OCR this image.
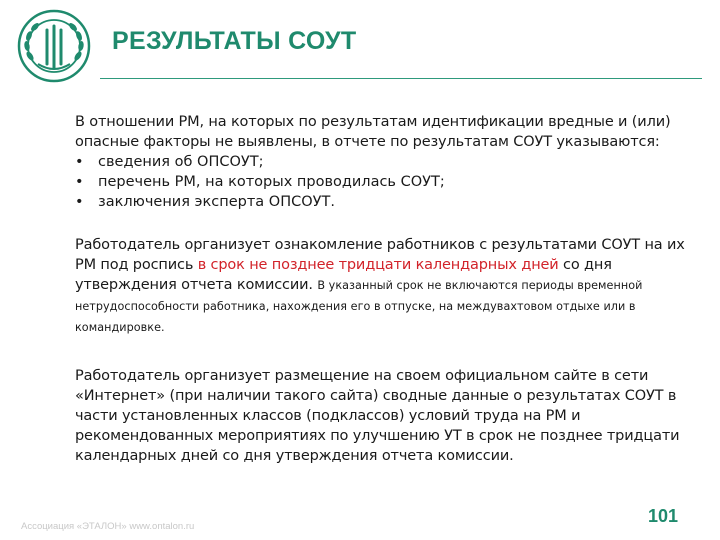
РЕЗУЛЬТАТЫ СОУТ

В отношении РМ, на которых по результатам идентификации вредные и (или) опасные факторы не выявлены, в отчете по результатам СОУТ указываются:

• сведения об ОПСОУТ;
• перечень РМ, на которых проводилась СОУТ;
• заключения эксперта ОПСОУТ.

Работодатель организует ознакомление работников с результатами СОУТ на их РМ под роспись в срок не позднее тридцати календарных дней со дня утверждения отчета комиссии. В указанный срок не включаются периоды временной нетрудоспособности работника, нахождения его в отпуске, на междувахтовом отдыхе или в командировке.

Работодатель организует размещение на своем официальном сайте в сети «Интернет» (при наличии такого сайта) сводные данные о результатах СОУТ в части установленных классов (подклассов) условий труда на РМ и рекомендованных мероприятиях по улучшению УТ в срок не позднее тридцати календарных дней со дня утверждения отчета комиссии.

Ассоциация «ЭТАЛОН» www.ontalon.ru

101
